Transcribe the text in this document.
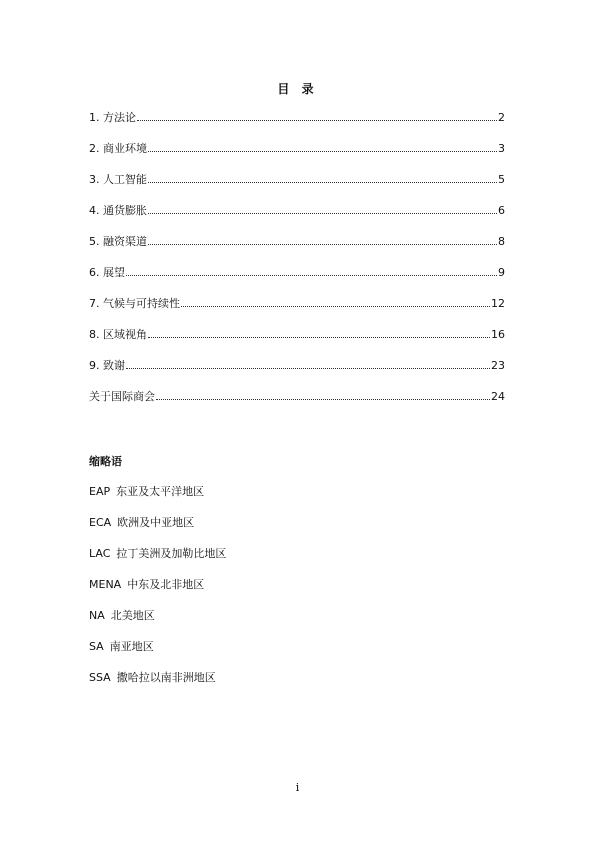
目 录
1. 方法论	2
2. 商业环境	3
3. 人工智能	5
4. 通货膨胀	6
5. 融资渠道	8
6. 展望	9
7. 气候与可持续性	12
8. 区域视角	16
9. 致谢	23
关于国际商会	24
缩略语
EAP 东亚及太平洋地区
ECA 欧洲及中亚地区
LAC 拉丁美洲及加勒比地区
MENA 中东及北非地区
NA 北美地区
SA 南亚地区
SSA 撒哈拉以南非洲地区
i
